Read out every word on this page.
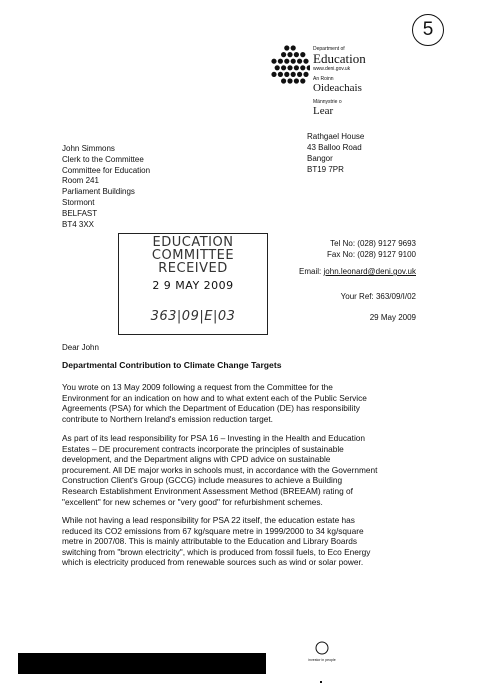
5
Department of
Education
www.deni.gov.uk
An Roinn
Oideachais
Männystrie o
Lear
Rathgael House
43 Balloo Road
Bangor
BT19 7PR
John Simmons
Clerk to the Committee
Committee for Education
Room 241
Parliament Buildings
Stormont
BELFAST
BT4 3XX
EDUCATION
COMMITTEE
RECEIVED
2 9 MAY 2009
363|09|E|03
Tel No: (028) 9127 9693
Fax No: (028) 9127 9100
Email: john.leonard@deni.gov.uk
Your Ref: 363/09/I/02
29 May 2009
Dear John
Departmental Contribution to Climate Change Targets
You wrote on 13 May 2009 following a request from the Committee for the
Environment for an indication on how and to what extent each of the Public Service
Agreements (PSA) for which the Department of Education (DE) has responsibility
contribute to Northern Ireland's emission reduction target.
As part of its lead responsibility for PSA 16 – Investing in the Health and Education
Estates – DE procurement contracts incorporate the principles of sustainable
development, and the Department aligns with CPD advice on sustainable
procurement. All DE major works in schools must, in accordance with the Government
Construction Client's Group (GCCG) include measures to achieve a Building
Research Establishment Environment Assessment Method (BREEAM) rating of
"excellent" for new schemes or "very good" for refurbishment schemes.
While not having a lead responsibility for PSA 22 itself, the education estate has
reduced its CO2 emissions from 67 kg/square metre in 1999/2000 to 34 kg/square
metre in 2007/08. This is mainly attributable to the Education and Library Boards
switching from "brown electricity", which is produced from fossil fuels, to Eco Energy
which is electricity produced from renewable sources such as wind or solar power.
investor in people
